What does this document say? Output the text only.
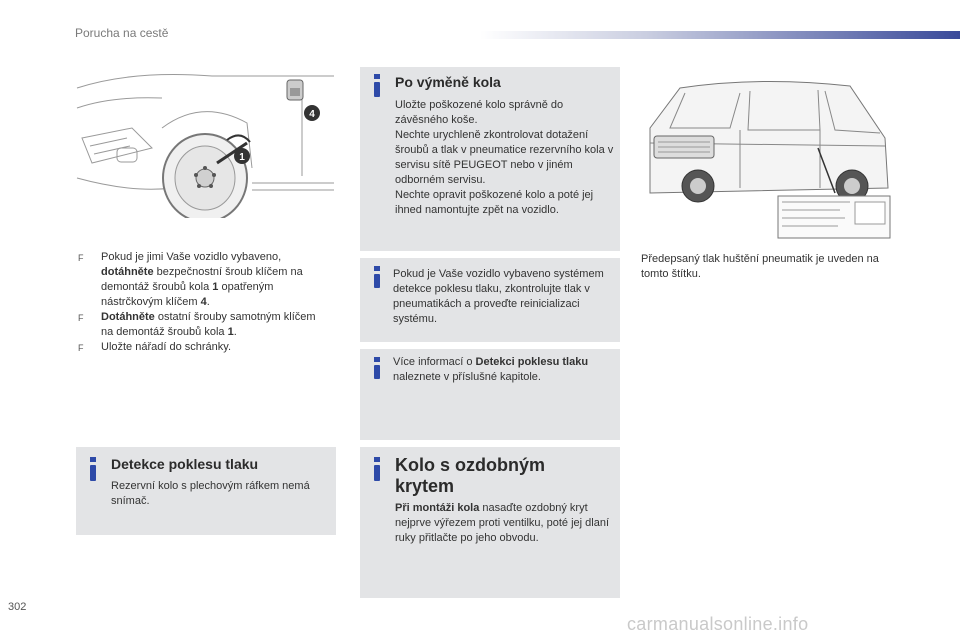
Porucha na cestě
1
4
F Pokud je jimi Vaše vozidlo vybaveno, dotáhněte bezpečnostní šroub klíčem na demontáž šroubů kola 1 opatřeným nástrčkovým klíčem 4.
F Dotáhněte ostatní šrouby samotným klíčem na demontáž šroubů kola 1.
F Uložte nářadí do schránky.
Detekce poklesu tlaku
Rezervní kolo s plechovým ráfkem nemá snímač.
Po výměně kola

Uložte poškozené kolo správně do závěsného koše.

Nechte urychleně zkontrolovat dotažení šroubů a tlak v pneumatice rezervního kola v servisu sítě PEUGEOT nebo v jiném odborném servisu.

Nechte opravit poškozené kolo a poté jej ihned namontujte zpět na vozidlo.

Pokud je Vaše vozidlo vybaveno systémem detekce poklesu tlaku, zkontrolujte tlak v pneumatikách a proveďte reinicializaci systému.
Více informací o Detekci poklesu tlaku naleznete v příslušné kapitole.
Kolo s ozdobným krytem
Při montáži kola nasaďte ozdobný kryt nejprve výřezem proti ventilku, poté jej dlaní ruky přitlačte po jeho obvodu.
Předepsaný tlak huštění pneumatik je uveden na tomto štítku.
302
carmanualsonline.info
